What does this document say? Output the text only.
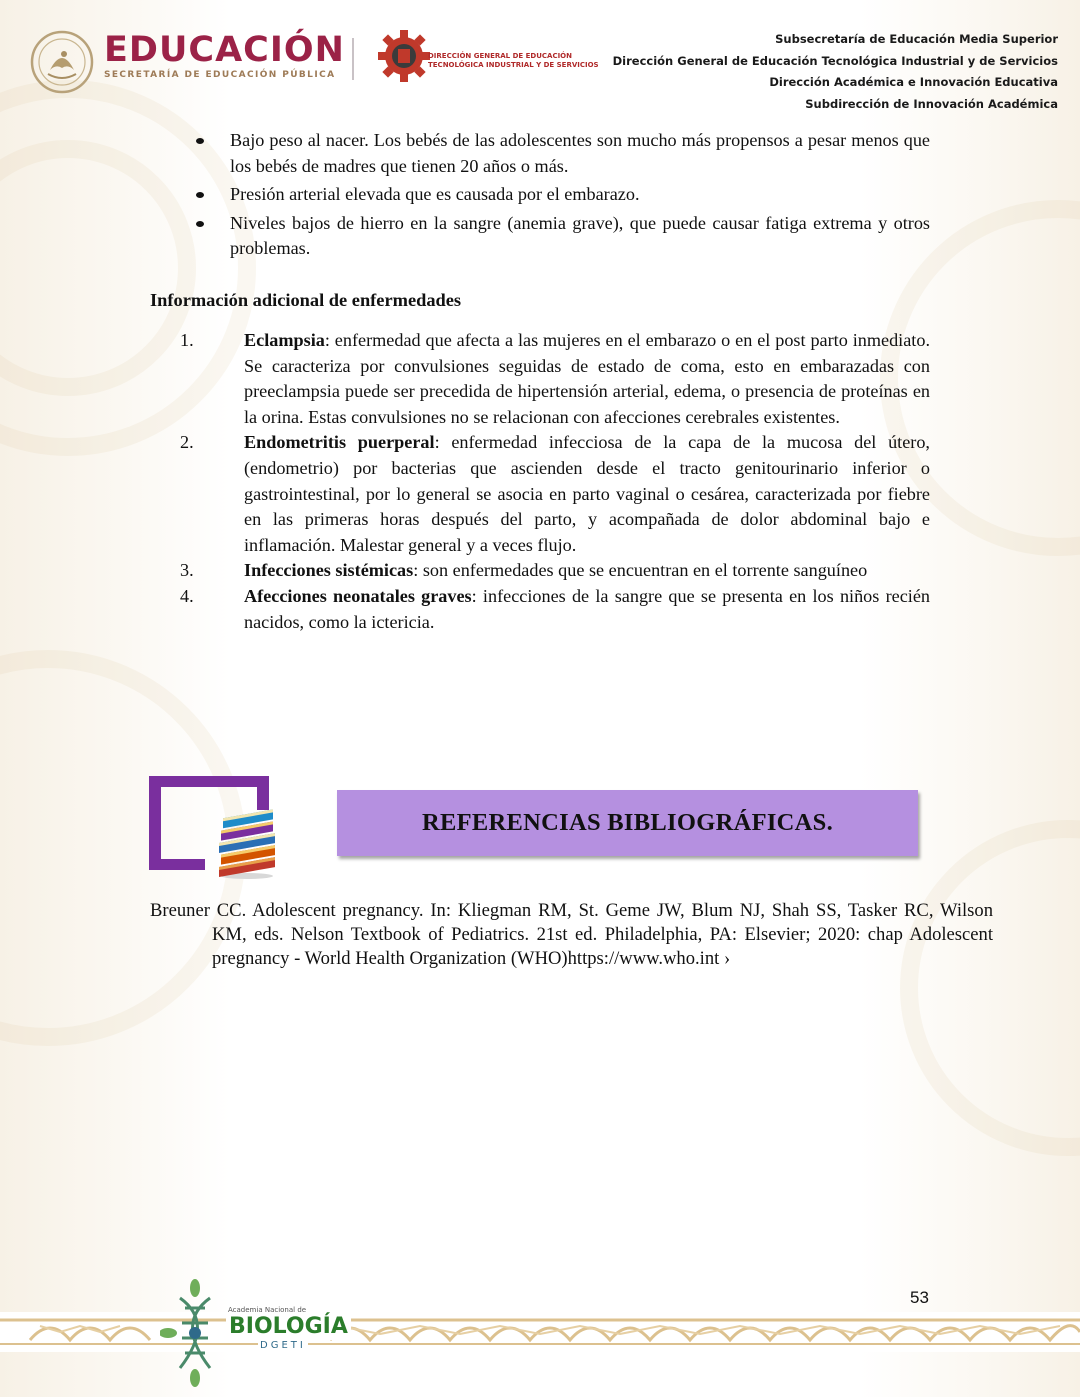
EDUCACIÓN
SECRETARÍA DE EDUCACIÓN PÚBLICA
DIRECCIÓN GENERAL DE EDUCACIÓN
TECNOLÓGICA INDUSTRIAL Y DE SERVICIOS
Subsecretaría de Educación Media Superior
Dirección General de Educación Tecnológica Industrial y de Servicios
Dirección Académica e Innovación Educativa
Subdirección de Innovación Académica
Bajo peso al nacer. Los bebés de las adolescentes son mucho más propensos a pesar menos que los bebés de madres que tienen 20 años o más.
Presión arterial elevada que es causada por el embarazo.
Niveles bajos de hierro en la sangre (anemia grave), que puede causar fatiga extrema y otros problemas.
Información adicional de enfermedades
1.	Eclampsia: enfermedad que afecta a las mujeres en el embarazo o en el post parto inmediato. Se caracteriza por convulsiones seguidas de estado de coma, esto en embarazadas con preeclampsia puede ser precedida de hipertensión arterial, edema, o presencia de proteínas en la orina. Estas convulsiones no se relacionan con afecciones cerebrales existentes.
2.	Endometritis puerperal: enfermedad infecciosa de la capa de la mucosa del útero, (endometrio) por bacterias que ascienden desde el tracto genitourinario inferior o gastrointestinal, por lo general se asocia en parto vaginal o cesárea, caracterizada por fiebre en las primeras horas después del parto, y acompañada de dolor abdominal bajo e inflamación. Malestar general y a veces flujo.
3.	Infecciones sistémicas: son enfermedades que se encuentran en el torrente sanguíneo
4.	Afecciones neonatales graves: infecciones de la sangre que se presenta en los niños recién nacidos, como la ictericia.
REFERENCIAS BIBLIOGRÁFICAS.
Breuner CC. Adolescent pregnancy. In: Kliegman RM, St. Geme JW, Blum NJ, Shah SS, Tasker RC, Wilson KM, eds. Nelson Textbook of Pediatrics. 21st ed. Philadelphia, PA: Elsevier; 2020: chap Adolescent pregnancy - World Health Organization (WHO)https://www.who.int ›
53
Academia Nacional de
BIOLOGÍA
DGETI
